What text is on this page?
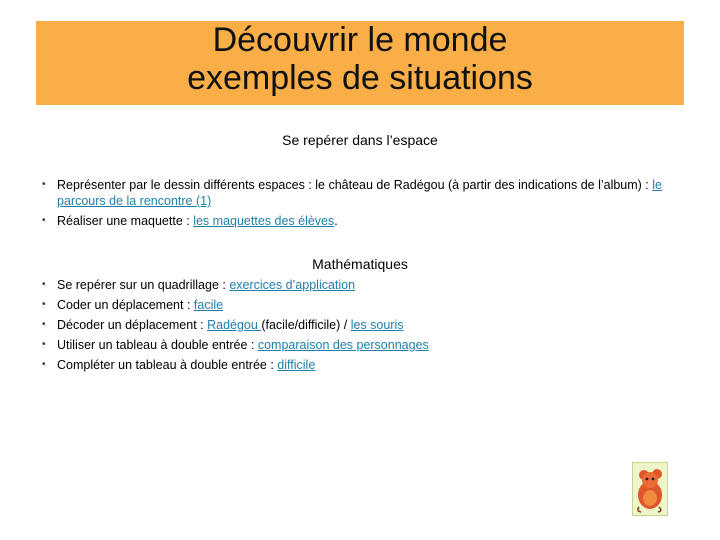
Découvrir le monde
exemples de situations
Se repérer dans l’espace
• Représenter par le dessin différents espaces : le château de Radégou (à partir des indications de l’album) : le parcours de la rencontre (1)
• Réaliser une maquette : les maquettes des élèves.
Mathématiques
• Se repérer sur un quadrillage : exercices d’application
• Coder un déplacement : facile
• Décoder un déplacement : Radégou (facile/difficile) / les souris
• Utiliser un tableau à double entrée : comparaison des personnages
• Compléter un tableau à double entrée : difficile
